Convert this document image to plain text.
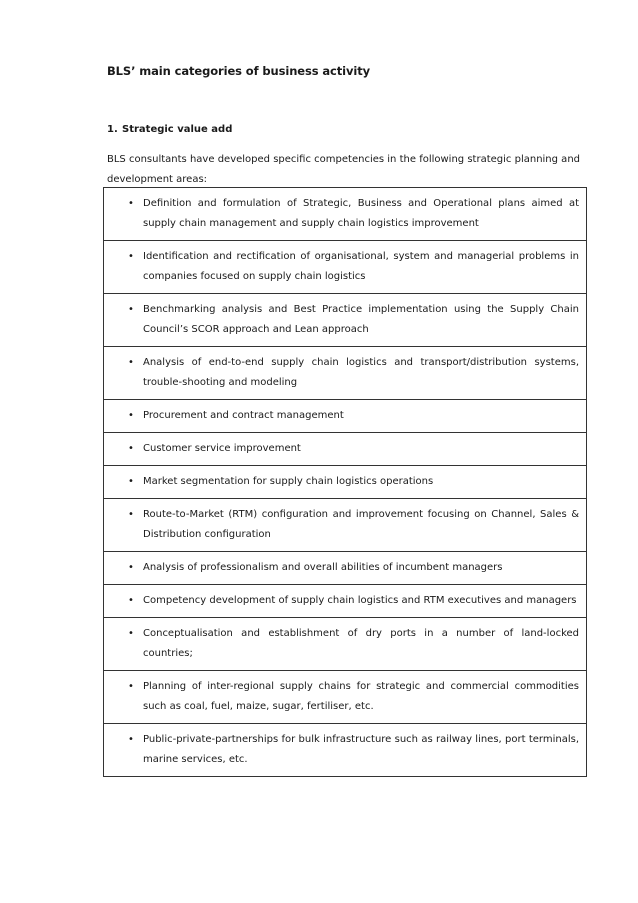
BLS’ main categories of business activity
1. Strategic value add
BLS consultants have developed specific competencies in the following strategic planning and development areas:
• Definition and formulation of Strategic, Business and Operational plans aimed at supply chain management and supply chain logistics improvement
• Identification and rectification of organisational, system and managerial problems in companies focused on supply chain logistics
• Benchmarking analysis and Best Practice implementation using the Supply Chain Council’s SCOR approach and Lean approach
• Analysis of end-to-end supply chain logistics and transport/distribution systems, trouble-shooting and modeling
• Procurement and contract management
• Customer service improvement
• Market segmentation for supply chain logistics operations
• Route-to-Market (RTM) configuration and improvement focusing on Channel, Sales & Distribution configuration
• Analysis of professionalism and overall abilities of incumbent managers
• Competency development of supply chain logistics and RTM executives and managers
• Conceptualisation and establishment of dry ports in a number of land-locked countries;
• Planning of inter-regional supply chains for strategic and commercial commodities such as coal, fuel, maize, sugar, fertiliser, etc.
• Public-private-partnerships for bulk infrastructure such as railway lines, port terminals, marine services, etc.
